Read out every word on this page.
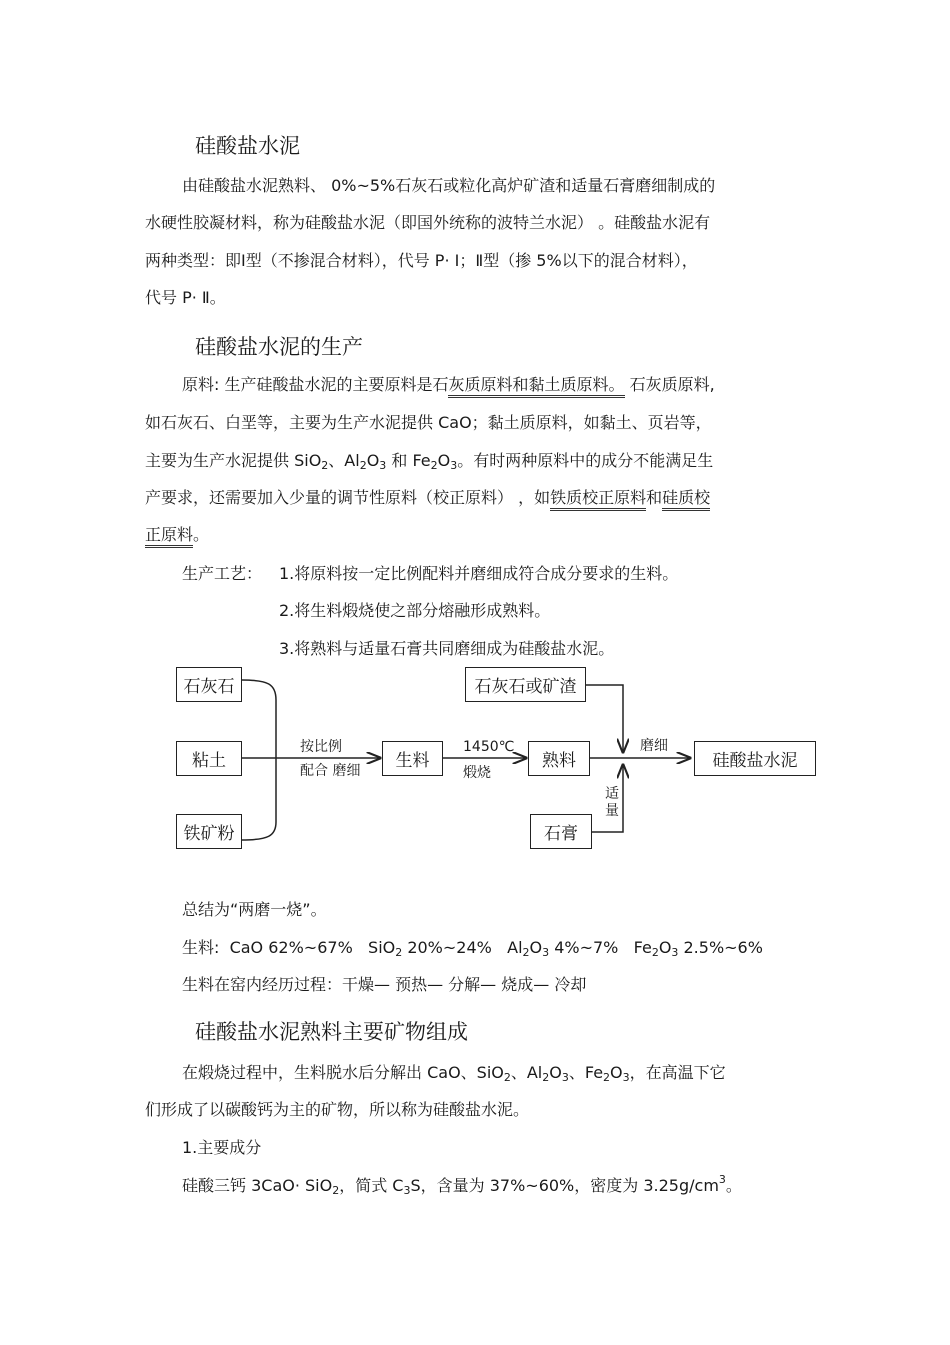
硅酸盐水泥
由硅酸盐水泥熟料、 0%~5%石灰石或粒化高炉矿渣和适量石膏磨细制成的
水硬性胶凝材料，称为硅酸盐水泥（即国外统称的波特兰水泥） 。硅酸盐水泥有
两种类型：即Ⅰ型（不掺混合材料），代号 P· Ⅰ；Ⅱ型（掺 5%以下的混合材料），
代号 P· Ⅱ。
硅酸盐水泥的生产
原料: 生产硅酸盐水泥的主要原料是石灰质原料和黏土质原料。 石灰质原料,
如石灰石、白垩等，主要为生产水泥提供 CaO；黏土质原料，如黏土、页岩等，
主要为生产水泥提供 SiO$_2$、$Al_2O_3$ 和 $Fe_2O_3$。有时两种原料中的成分不能满足生
产要求，还需要加入少量的调节性原料（校正原料） ，如铁质校正原料和硅质校
正原料。
生产工艺： 1.将原料按一定比例配料并磨细成符合成分要求的生料。
2.将生料煅烧使之部分熔融形成熟料。
3.将熟料与适量石膏共同磨细成为硅酸盐水泥。
石灰石
粘土
铁矿粉
按比例
配合 磨细	生料
1450℃
煅烧
熟料
石灰石或矿渣
石膏
适
量
磨细
硅酸盐水泥
总结为“两磨一烧”。
生料: CaO 62%~67% SiO$_2$ 20%~24% $Al_2O_3$ 4%~7% $Fe_2O_3$ 2.5%~6%
生料在窑内经历过程：干燥— 预热— 分解— 烧成— 冷却
硅酸盐水泥熟料主要矿物组成
在煅烧过程中，生料脱水后分解出 CaO、SiO$_2$、$Al_2O_3$、$Fe_2O_3$，在高温下它
们形成了以碳酸钙为主的矿物，所以称为硅酸盐水泥。
1.主要成分
硅酸三钙 3CaO· SiO$_2$，简式 $C_3S$，含量为 37%~60%，密度为 $3.25g/cm^3$。
